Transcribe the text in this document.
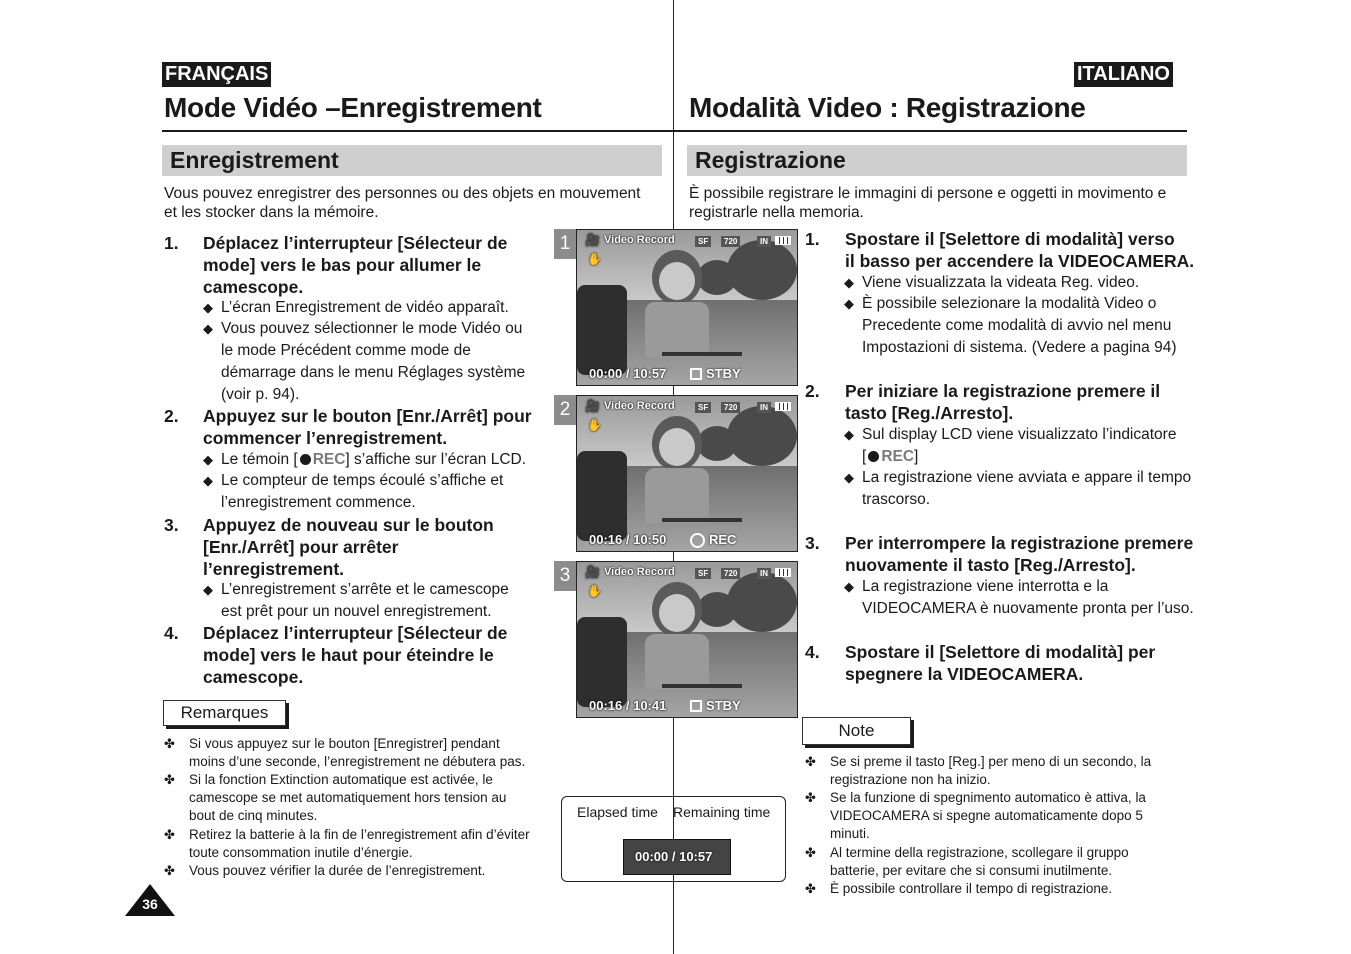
FRANÇAIS
Mode Vidéo –Enregistrement
Enregistrement
Vous pouvez enregistrer des personnes ou des objets en mouvement
et les stocker dans la mémoire.
1. Déplacez l’interrupteur [Sélecteur de
mode] vers le bas pour allumer le
camescope.
◆ L’écran Enregistrement de vidéo apparaît.
◆ Vous pouvez sélectionner le mode Vidéo ou
le mode Précédent comme mode de
démarrage dans le menu Réglages système
(voir p. 94).
2. Appuyez sur le bouton [Enr./Arrêt] pour
commencer l’enregistrement.
◆ Le témoin [ REC] s’affiche sur l’écran LCD.
◆ Le compteur de temps écoulé s’affiche et
l’enregistrement commence.
3. Appuyez de nouveau sur le bouton
[Enr./Arrêt] pour arrêter
l’enregistrement.
◆ L’enregistrement s’arrête et le camescope
est prêt pour un nouvel enregistrement.
4. Déplacez l’interrupteur [Sélecteur de
mode] vers le haut pour éteindre le
camescope.
Remarques
✤ Si vous appuyez sur le bouton [Enregistrer] pendant
moins d’une seconde, l’enregistrement ne débutera pas.
✤ Si la fonction Extinction automatique est activée, le
camescope se met automatiquement hors tension au
bout de cinq minutes.
✤ Retirez la batterie à la fin de l’enregistrement afin d’éviter
toute consommation inutile d’énergie.
✤ Vous pouvez vérifier la durée de l’enregistrement.
1	🎥 Video Record	SF	720	IN
✋
00:00 / 10:57	STBY
2	🎥 Video Record	SF	720	IN
✋
00:16 / 10:50	REC
3	🎥 Video Record	SF	720	IN
✋
00:16 / 10:41	STBY
Elapsed time Remaining time
00:00 / 10:57
ITALIANO
Modalità Video : Registrazione
Registrazione
È possibile registrare le immagini di persone e oggetti in movimento e
registrarle nella memoria.
1. Spostare il [Selettore di modalità] verso
il basso per accendere la VIDEOCAMERA.
◆ Viene visualizzata la videata Reg. video.
◆ È possibile selezionare la modalità Video o
Precedente come modalità di avvio nel menu
Impostazioni di sistema. (Vedere a pagina 94)
2. Per iniziare la registrazione premere il
tasto [Reg./Arresto].
◆ Sul display LCD viene visualizzato l’indicatore
[ REC]
◆ La registrazione viene avviata e appare il tempo
trascorso.
3. Per interrompere la registrazione premere
nuovamente il tasto [Reg./Arresto].
◆ La registrazione viene interrotta e la
VIDEOCAMERA è nuovamente pronta per l’uso.
4. Spostare il [Selettore di modalità] per
spegnere la VIDEOCAMERA.
Note
✤ Se si preme il tasto [Reg.] per meno di un secondo, la
registrazione non ha inizio.
✤ Se la funzione di spegnimento automatico è attiva, la
VIDEOCAMERA si spegne automaticamente dopo 5
minuti.
✤ Al termine della registrazione, scollegare il gruppo
batterie, per evitare che si consumi inutilmente.
✤ È possibile controllare il tempo di registrazione.
36
